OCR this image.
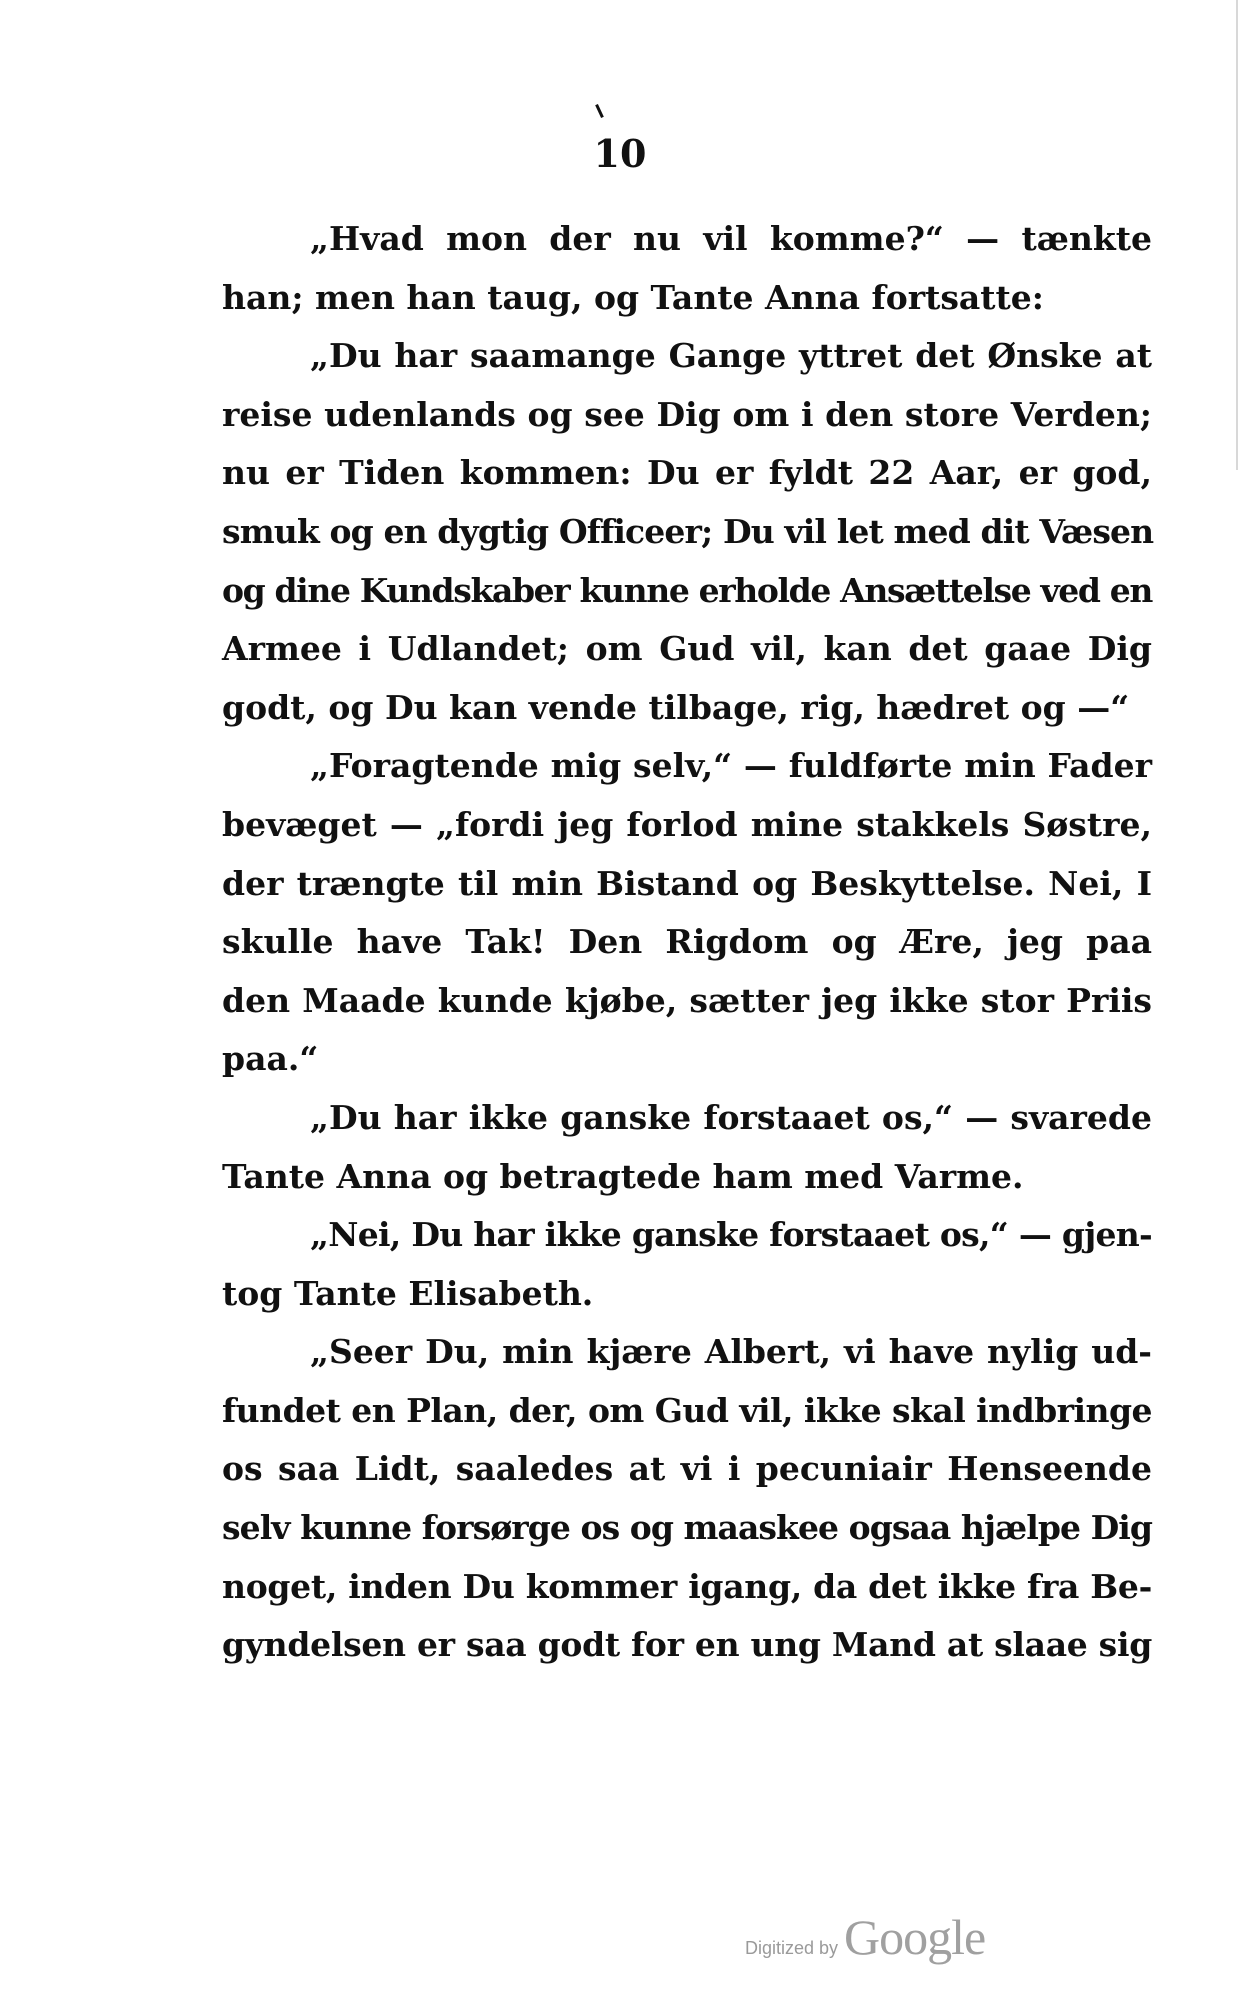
10
„Hvad mon der nu vil komme?“ — tænkte
han; men han taug, og Tante Anna fortsatte:
„Du har saamange Gange yttret det Ønske at
reise udenlands og see Dig om i den store Verden;
nu er Tiden kommen: Du er fyldt 22 Aar, er god,
smuk og en dygtig Officeer; Du vil let med dit Væsen
og dine Kundskaber kunne erholde Ansættelse ved en
Armee i Udlandet; om Gud vil, kan det gaae Dig
godt, og Du kan vende tilbage, rig, hædret og —“
„Foragtende mig selv,“ — fuldførte min Fader
bevæget — „fordi jeg forlod mine stakkels Søstre,
der trængte til min Bistand og Beskyttelse. Nei, I
skulle have Tak! Den Rigdom og Ære, jeg paa
den Maade kunde kjøbe, sætter jeg ikke stor Priis
paa.“
„Du har ikke ganske forstaaet os,“ — svarede
Tante Anna og betragtede ham med Varme.
„Nei, Du har ikke ganske forstaaet os,“ — gjen-
tog Tante Elisabeth.
„Seer Du, min kjære Albert, vi have nylig ud-
fundet en Plan, der, om Gud vil, ikke skal indbringe
os saa Lidt, saaledes at vi i pecuniair Henseende
selv kunne forsørge os og maaskee ogsaa hjælpe Dig
noget, inden Du kommer igang, da det ikke fra Be-
gyndelsen er saa godt for en ung Mand at slaae sig
Digitized by Google
